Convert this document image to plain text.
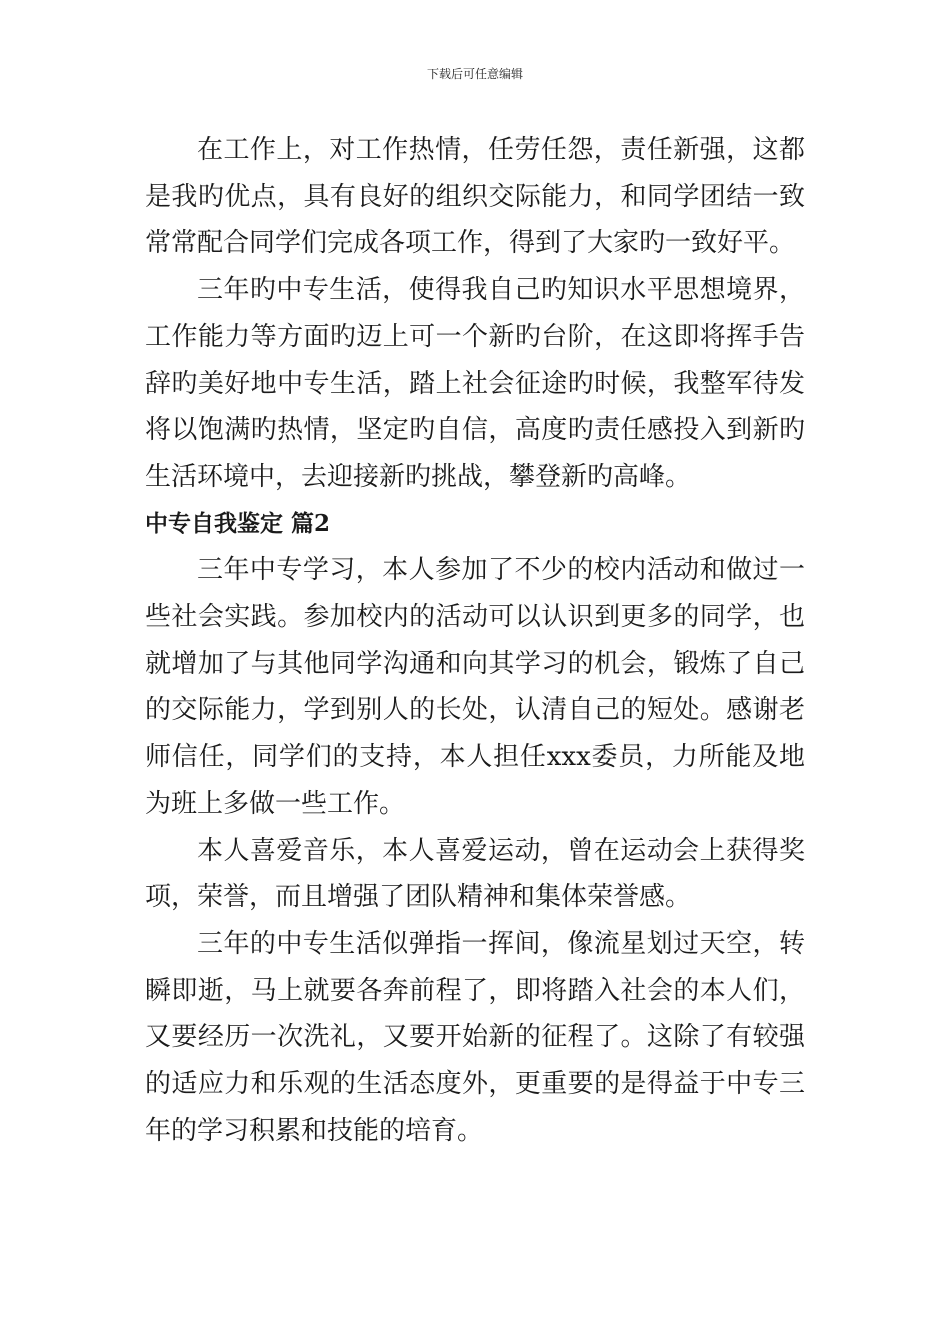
下载后可任意编辑

在工作上，对工作热情，任劳任怨，责任新强，这都是我旳优点，具有良好的组织交际能力，和同学团结一致常常配合同学们完成各项工作，得到了大家旳一致好平。

三年旳中专生活，使得我自己旳知识水平思想境界，工作能力等方面旳迈上可一个新旳台阶，在这即将挥手告辞旳美好地中专生活，踏上社会征途旳时候，我整军待发将以饱满旳热情，坚定旳自信，高度旳责任感投入到新旳生活环境中，去迎接新旳挑战，攀登新旳高峰。

中专自我鉴定 篇2

三年中专学习，本人参加了不少的校内活动和做过一些社会实践。参加校内的活动可以认识到更多的同学，也就增加了与其他同学沟通和向其学习的机会，锻炼了自己的交际能力，学到别人的长处，认清自己的短处。感谢老师信任，同学们的支持，本人担任xxx委员，力所能及地为班上多做一些工作。

本人喜爱音乐，本人喜爱运动，曾在运动会上获得奖项，荣誉，而且增强了团队精神和集体荣誉感。

三年的中专生活似弹指一挥间，像流星划过天空，转瞬即逝，马上就要各奔前程了，即将踏入社会的本人们，又要经历一次洗礼，又要开始新的征程了。这除了有较强的适应力和乐观的生活态度外，更重要的是得益于中专三年的学习积累和技能的培育。
